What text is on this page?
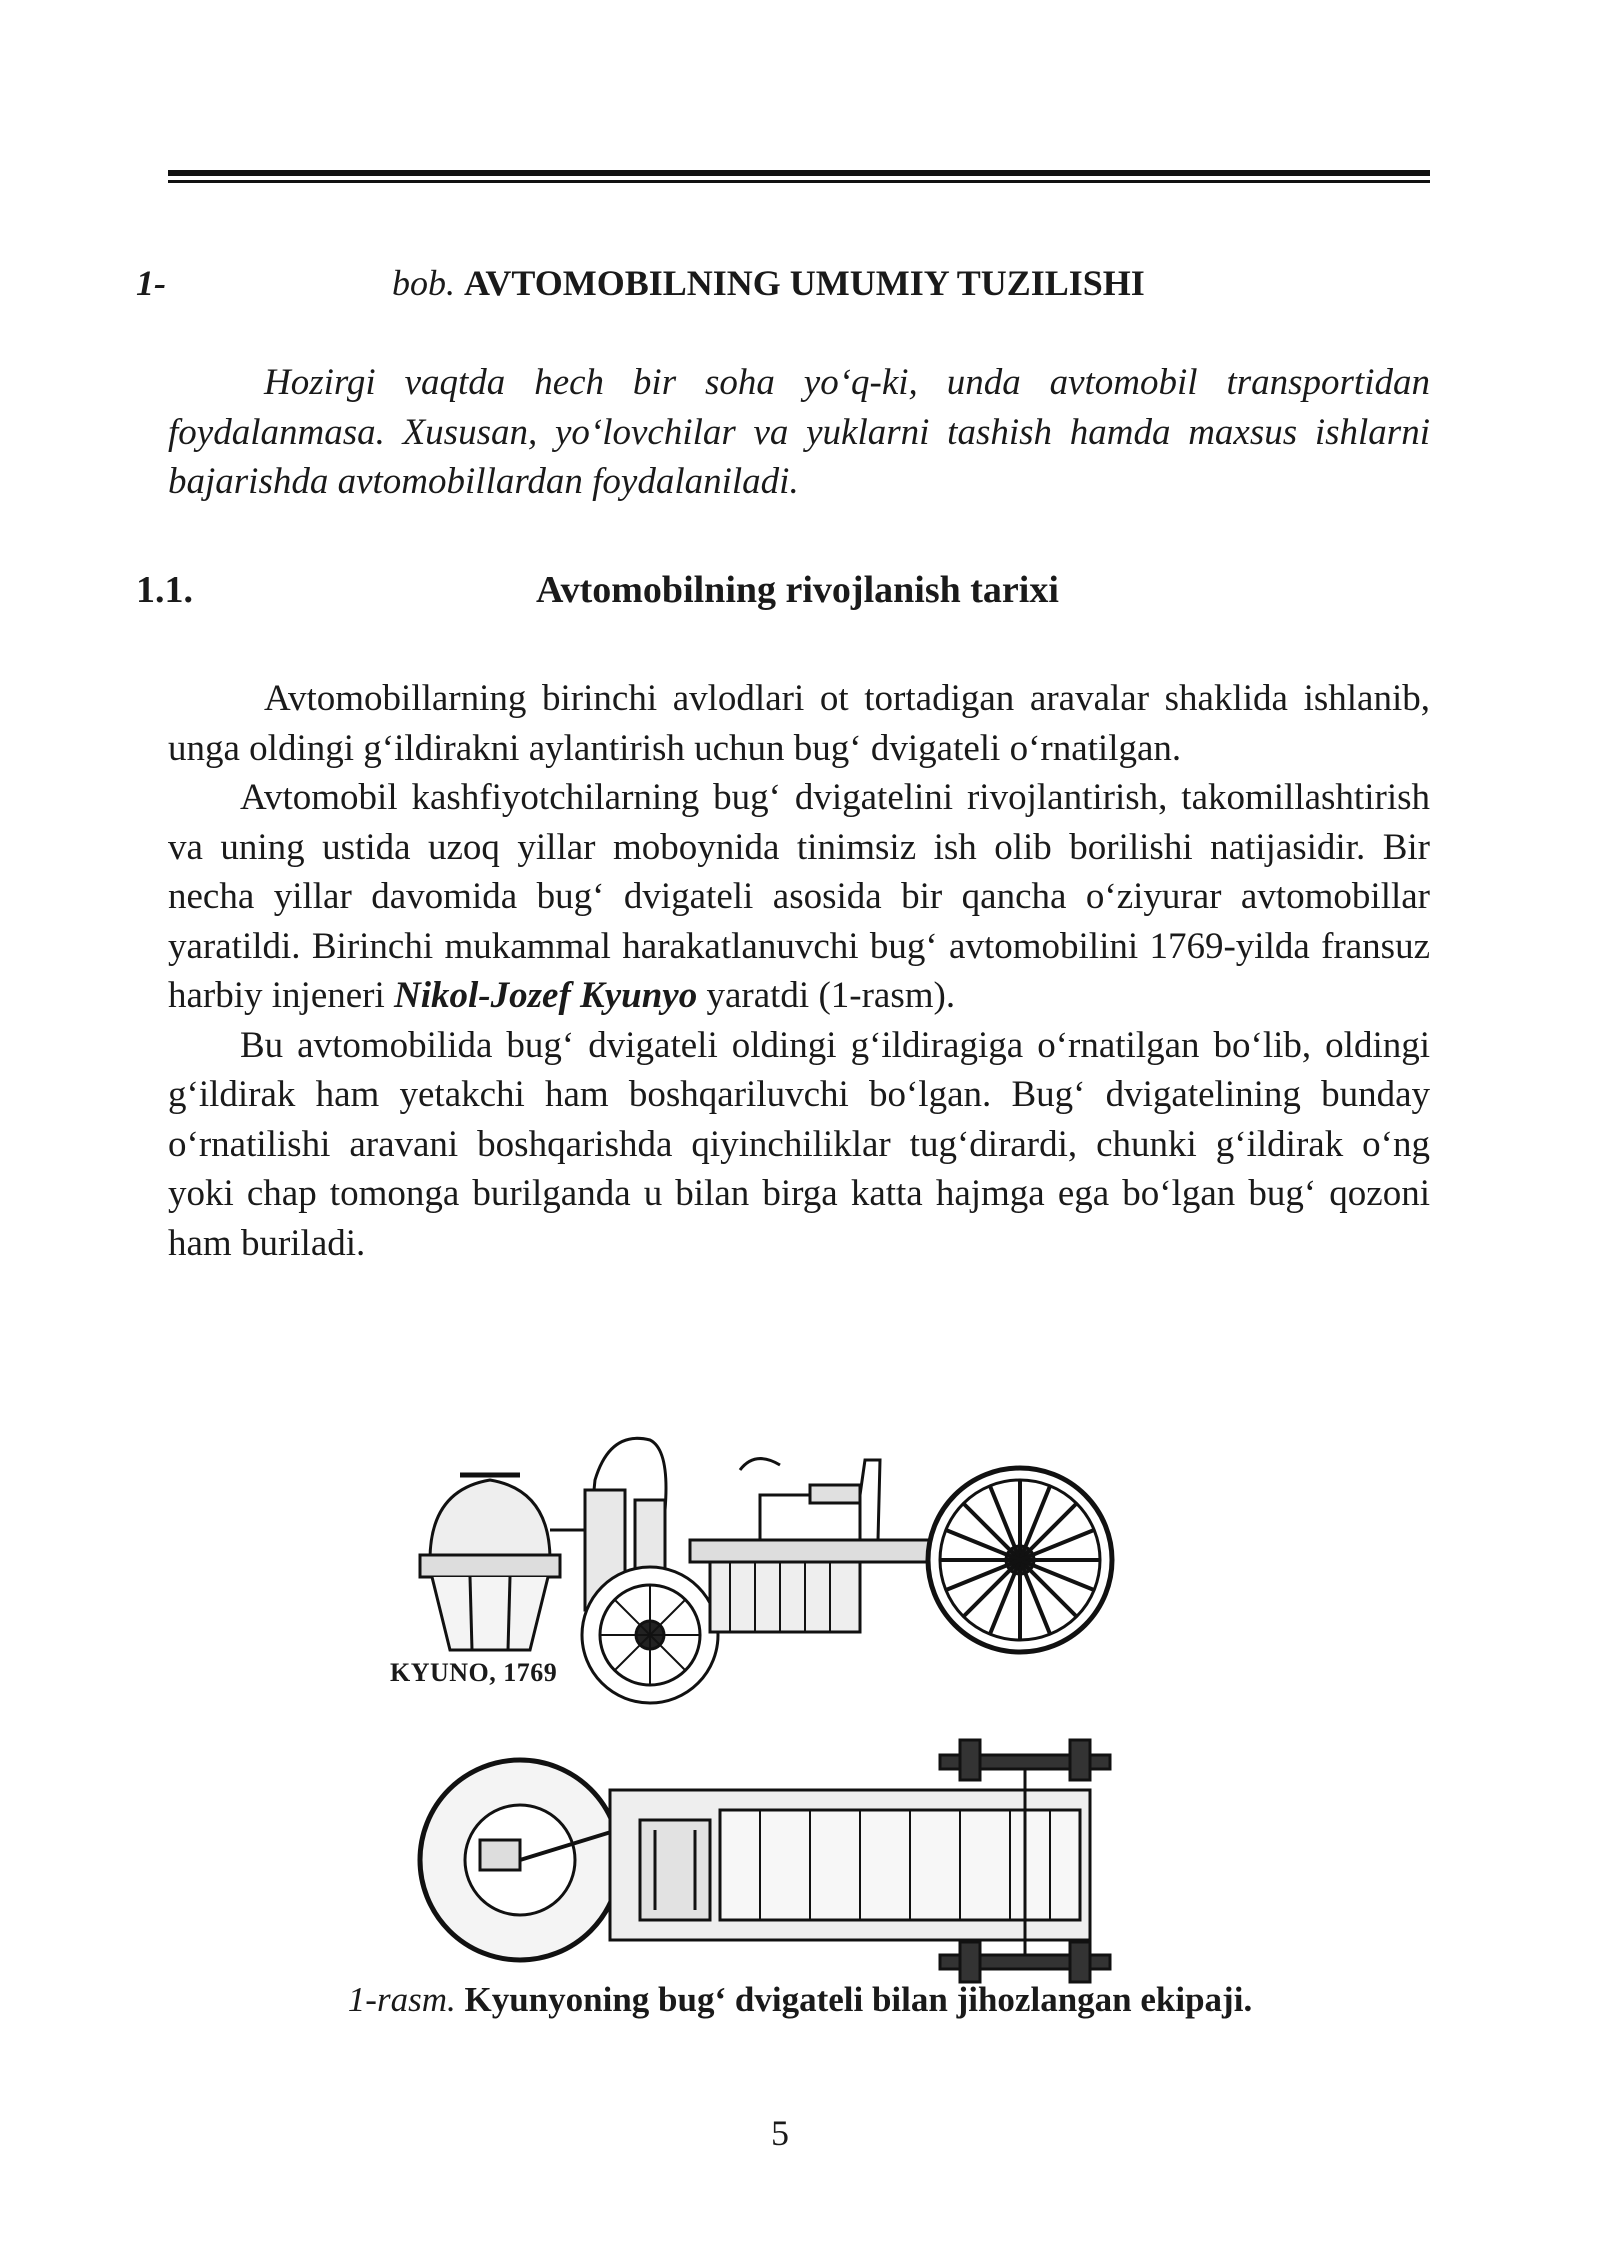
1-	bob. AVTOMOBILNING UMUMIY TUZILISHI

Hozirgi vaqtda hech bir soha yo‘q-ki, unda avtomobil transportidan foydalanmasa. Xususan, yo‘lovchilar va yuklarni tashish hamda maxsus ishlarni bajarishda avtomobillardan foydalaniladi.

1.1.	Avtomobilning rivojlanish tarixi

Avtomobillarning birinchi avlodlari ot tortadigan aravalar shaklida ishlanib, unga oldingi g‘ildirakni aylantirish uchun bug‘ dvigateli o‘rnatilgan.

Avtomobil kashfiyotchilarning bug‘ dvigatelini rivojlantirish, takomillashtirish va uning ustida uzoq yillar moboynida tinimsiz ish olib borilishi natijasidir. Bir necha yillar davomida bug‘ dvigateli asosida bir qancha o‘ziyurar avtomobillar yaratildi. Birinchi mukammal harakatlanuvchi bug‘ avtomobilini 1769-yilda fransuz harbiy injeneri Nikol-Jozef Kyunyo yaratdi (1-rasm).

Bu avtomobilida bug‘ dvigateli oldingi g‘ildiragiga o‘rnatilgan bo‘lib, oldingi g‘ildirak ham yetakchi ham boshqariluvchi bo‘lgan. Bug‘ dvigatelining bunday o‘rnatilishi aravani boshqarishda qiyinchiliklar tug‘dirardi, chunki g‘ildirak o‘ng yoki chap tomonga burilganda u bilan birga katta hajmga ega bo‘lgan bug‘ qozoni ham buriladi.

KYUNO, 1769
1-rasm. Kyunyoning bug‘ dvigateli bilan jihozlangan ekipaji.
5
